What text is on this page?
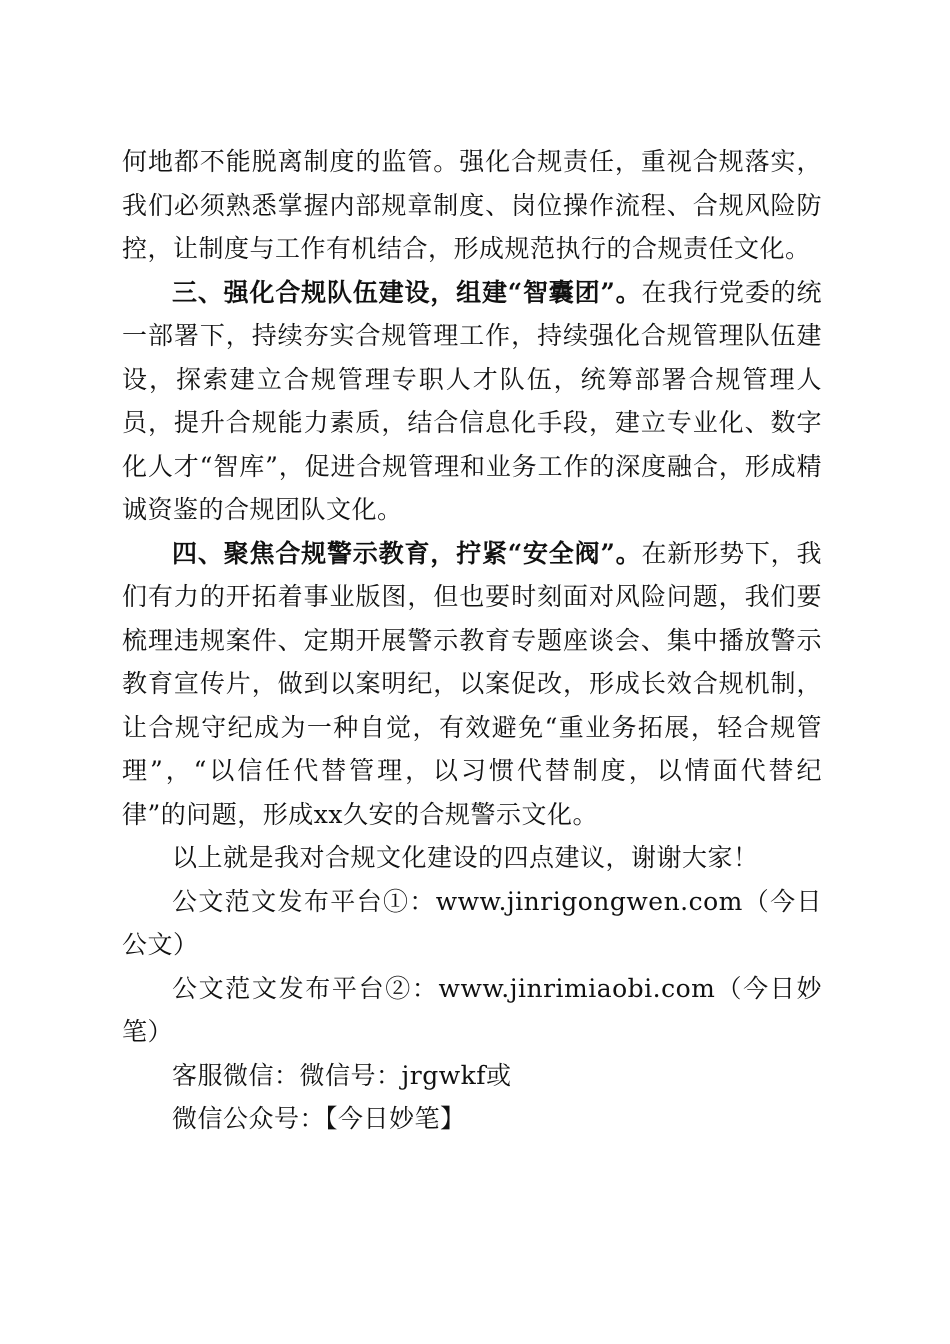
何地都不能脱离制度的监管。强化合规责任，重视合规落实，我们必须熟悉掌握内部规章制度、岗位操作流程、合规风险防控，让制度与工作有机结合，形成规范执行的合规责任文化。

三、强化合规队伍建设，组建“智囊团”。在我行党委的统一部署下，持续夯实合规管理工作，持续强化合规管理队伍建设，探索建立合规管理专职人才队伍，统筹部署合规管理人员，提升合规能力素质，结合信息化手段，建立专业化、数字化人才“智库”，促进合规管理和业务工作的深度融合，形成精诚资鉴的合规团队文化。

四、聚焦合规警示教育，拧紧“安全阀”。在新形势下，我们有力的开拓着事业版图，但也要时刻面对风险问题，我们要梳理违规案件、定期开展警示教育专题座谈会、集中播放警示教育宣传片，做到以案明纪，以案促改，形成长效合规机制，让合规守纪成为一种自觉，有效避免“重业务拓展，轻合规管理”，“以信任代替管理，以习惯代替制度，以情面代替纪律”的问题，形成xx久安的合规警示文化。

以上就是我对合规文化建设的四点建议，谢谢大家！

公文范文发布平台①：www.jinrigongwen.com（今日公文）

公文范文发布平台②：www.jinrimiaobi.com（今日妙笔）

客服微信：微信号：jrgwkf或

微信公众号：【今日妙笔】
